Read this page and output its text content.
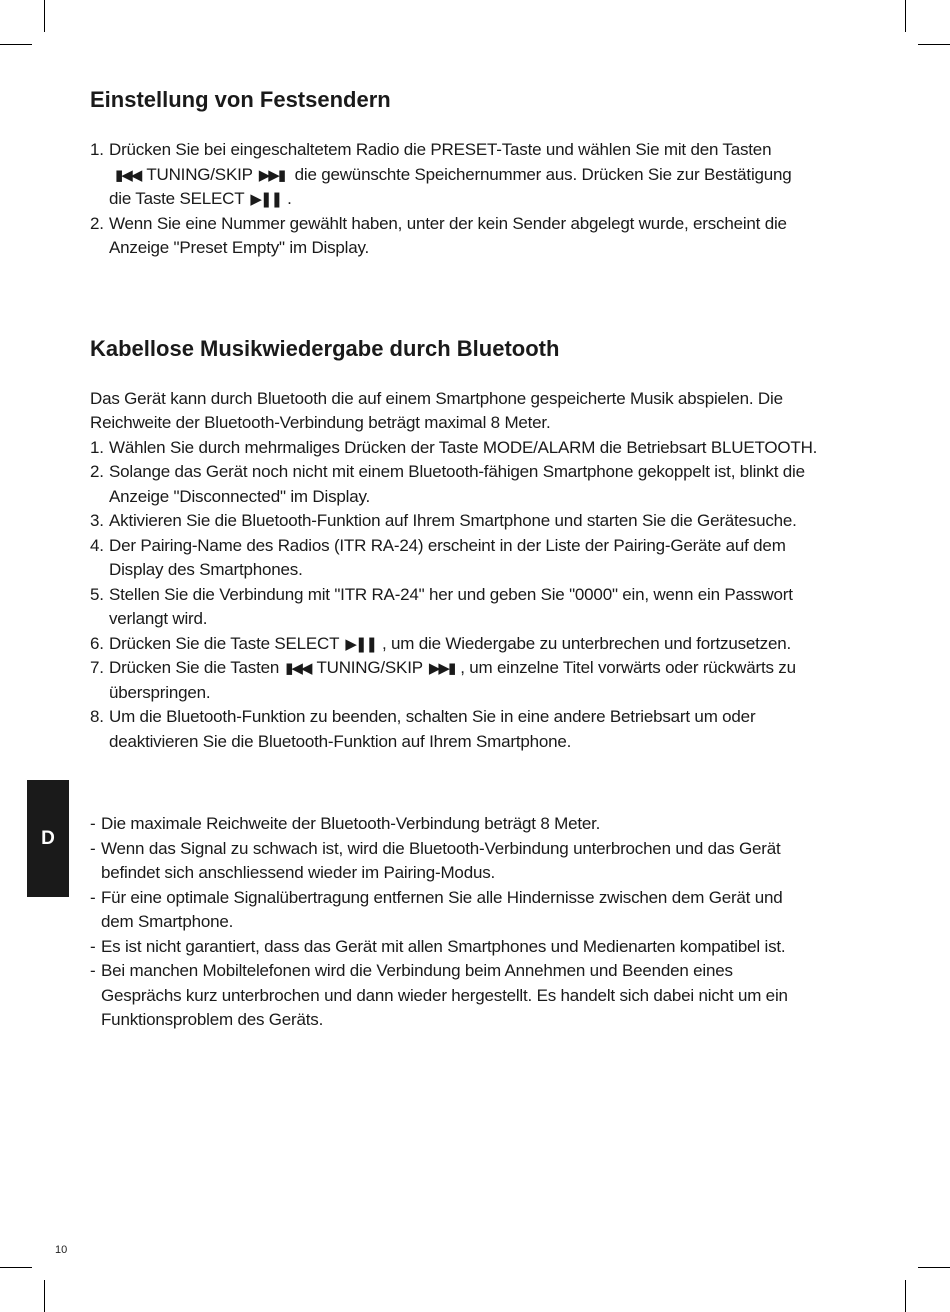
Einstellung von Festsendern
1. Drücken Sie bei eingeschaltetem Radio die PRESET-Taste und wählen Sie mit den Tasten
▮◀◀ TUNING/SKIP ▶▶▮ die gewünschte Speichernummer aus. Drücken Sie zur Bestätigung
die Taste SELECT ▶❚❚ .
2. Wenn Sie eine Nummer gewählt haben, unter der kein Sender abgelegt wurde, erscheint die
Anzeige "Preset Empty" im Display.
Kabellose Musikwiedergabe durch Bluetooth

Das Gerät kann durch Bluetooth die auf einem Smartphone gespeicherte Musik abspielen. Die
Reichweite der Bluetooth-Verbindung beträgt maximal 8 Meter.

1. Wählen Sie durch mehrmaliges Drücken der Taste MODE/ALARM die Betriebsart BLUETOOTH.
2. Solange das Gerät noch nicht mit einem Bluetooth-fähigen Smartphone gekoppelt ist, blinkt die
Anzeige "Disconnected" im Display.
3. Aktivieren Sie die Bluetooth-Funktion auf Ihrem Smartphone und starten Sie die Gerätesuche.
4. Der Pairing-Name des Radios (ITR RA-24) erscheint in der Liste der Pairing-Geräte auf dem
Display des Smartphones.
5. Stellen Sie die Verbindung mit "ITR RA-24" her und geben Sie "0000" ein, wenn ein Passwort
verlangt wird.
6. Drücken Sie die Taste SELECT ▶❚❚ , um die Wiedergabe zu unterbrechen und fortzusetzen.
7. Drücken Sie die Tasten ▮◀◀ TUNING/SKIP ▶▶▮ , um einzelne Titel vorwärts oder rückwärts zu
überspringen.
8. Um die Bluetooth-Funktion zu beenden, schalten Sie in eine andere Betriebsart um oder
deaktivieren Sie die Bluetooth-Funktion auf Ihrem Smartphone.
- Die maximale Reichweite der Bluetooth-Verbindung beträgt 8 Meter.
- Wenn das Signal zu schwach ist, wird die Bluetooth-Verbindung unterbrochen und das Gerät
befindet sich anschliessend wieder im Pairing-Modus.
- Für eine optimale Signalübertragung entfernen Sie alle Hindernisse zwischen dem Gerät und
dem Smartphone.
- Es ist nicht garantiert, dass das Gerät mit allen Smartphones und Medienarten kompatibel ist.
- Bei manchen Mobiltelefonen wird die Verbindung beim Annehmen und Beenden eines
Gesprächs kurz unterbrochen und dann wieder hergestellt. Es handelt sich dabei nicht um ein
Funktionsproblem des Geräts.
D
10
